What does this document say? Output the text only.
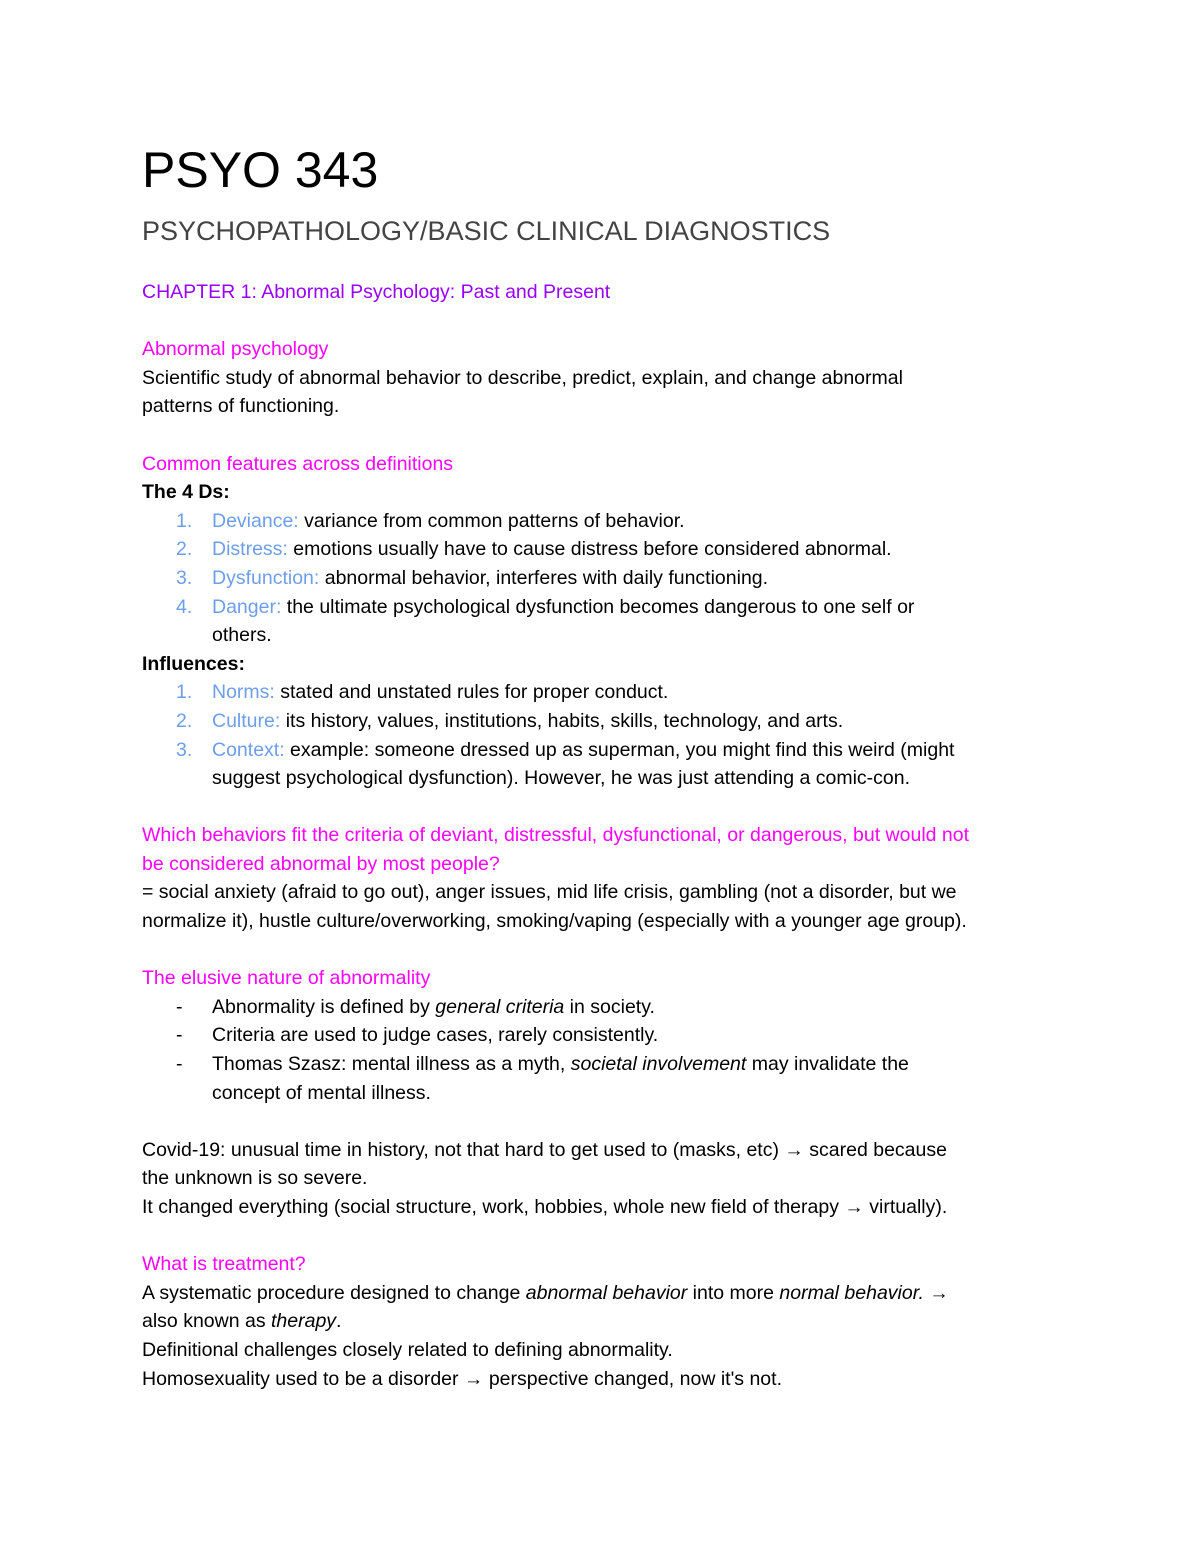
PSYO 343
PSYCHOPATHOLOGY/BASIC CLINICAL DIAGNOSTICS
CHAPTER 1: Abnormal Psychology: Past and Present
Abnormal psychology
Scientific study of abnormal behavior to describe, predict, explain, and change abnormal
patterns of functioning.
Common features across definitions
The 4 Ds:
1. Deviance: variance from common patterns of behavior.
2. Distress: emotions usually have to cause distress before considered abnormal.
3. Dysfunction: abnormal behavior, interferes with daily functioning.
4. Danger: the ultimate psychological dysfunction becomes dangerous to one self or
others.
Influences:
1. Norms: stated and unstated rules for proper conduct.
2. Culture: its history, values, institutions, habits, skills, technology, and arts.
3. Context: example: someone dressed up as superman, you might find this weird (might
suggest psychological dysfunction). However, he was just attending a comic-con.
Which behaviors fit the criteria of deviant, distressful, dysfunctional, or dangerous, but would not
be considered abnormal by most people?
= social anxiety (afraid to go out), anger issues, mid life crisis, gambling (not a disorder, but we
normalize it), hustle culture/overworking, smoking/vaping (especially with a younger age group).
The elusive nature of abnormality
- Abnormality is defined by general criteria in society.
- Criteria are used to judge cases, rarely consistently.
- Thomas Szasz: mental illness as a myth, societal involvement may invalidate the
concept of mental illness.
Covid-19: unusual time in history, not that hard to get used to (masks, etc) → scared because
the unknown is so severe.
It changed everything (social structure, work, hobbies, whole new field of therapy → virtually).
What is treatment?
A systematic procedure designed to change abnormal behavior into more normal behavior. →
also known as therapy.
Definitional challenges closely related to defining abnormality.
Homosexuality used to be a disorder → perspective changed, now it's not.
